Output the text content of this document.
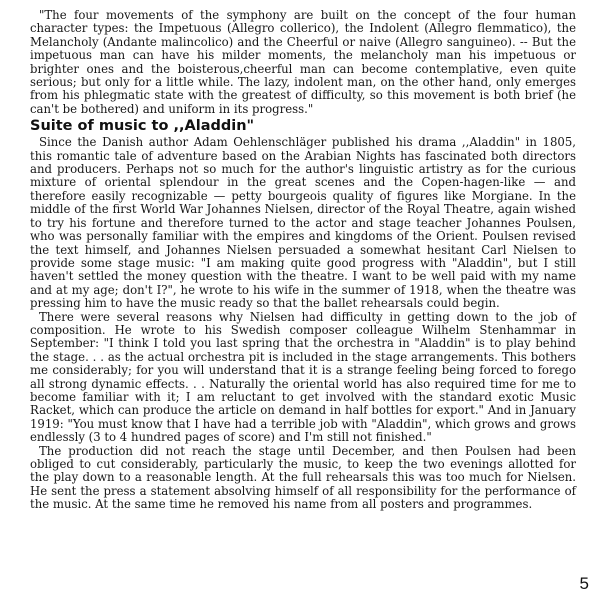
"The four movements of the symphony are built on the concept of the four human character types: the Impetuous (Allegro collerico), the Indolent (Allegro flemmatico), the Melancholy (Andante malincolico) and the Cheerful or naive (Allegro sanguineo). -- But the impetuous man can have his milder moments, the melancholy man his impetuous or brighter ones and the boisterous,cheerful man can become contemplative, even quite serious; but only for a little while. The lazy, indolent man, on the other hand, only emerges from his phlegmatic state with the greatest of difficulty, so this movement is both brief (he can't be bothered) and uniform in its progress."

Suite of music to ,,Aladdin"

Since the Danish author Adam Oehlenschläger published his drama ,,Aladdin" in 1805, this romantic tale of adventure based on the Arabian Nights has fascinated both directors and producers. Perhaps not so much for the author's linguistic artistry as for the curious mixture of oriental splendour in the great scenes and the Copen-hagen-like — and therefore easily recognizable — petty bourgeois quality of figures like Morgiane. In the middle of the first World War Johannes Nielsen, director of the Royal Theatre, again wished to try his fortune and therefore turned to the actor and stage teacher Johannes Poulsen, who was personally familiar with the empires and kingdoms of the Orient. Poulsen revised the text himself, and Johannes Nielsen persuaded a somewhat hesitant Carl Nielsen to provide some stage music: "I am making quite good progress with "Aladdin", but I still haven't settled the money question with the theatre. I want to be well paid with my name and at my age; don't I?", he wrote to his wife in the summer of 1918, when the theatre was pressing him to have the music ready so that the ballet rehearsals could begin.

There were several reasons why Nielsen had difficulty in getting down to the job of composition. He wrote to his Swedish composer colleague Wilhelm Stenhammar in September: "I think I told you last spring that the orchestra in "Aladdin" is to play behind the stage. . . as the actual orchestra pit is included in the stage arrangements. This bothers me considerably; for you will understand that it is a strange feeling being forced to forego all strong dynamic effects. . . Naturally the oriental world has also required time for me to become familiar with it; I am reluctant to get involved with the standard exotic Music Racket, which can produce the article on demand in half bottles for export." And in January 1919: "You must know that I have had a terrible job with "Aladdin", which grows and grows endlessly (3 to 4 hundred pages of score) and I'm still not finished."

The production did not reach the stage until December, and then Poulsen had been obliged to cut considerably, particularly the music, to keep the two evenings allotted for the play down to a reasonable length. At the full rehearsals this was too much for Nielsen. He sent the press a statement absolving himself of all responsibility for the performance of the music. At the same time he removed his name from all posters and programmes.

5
